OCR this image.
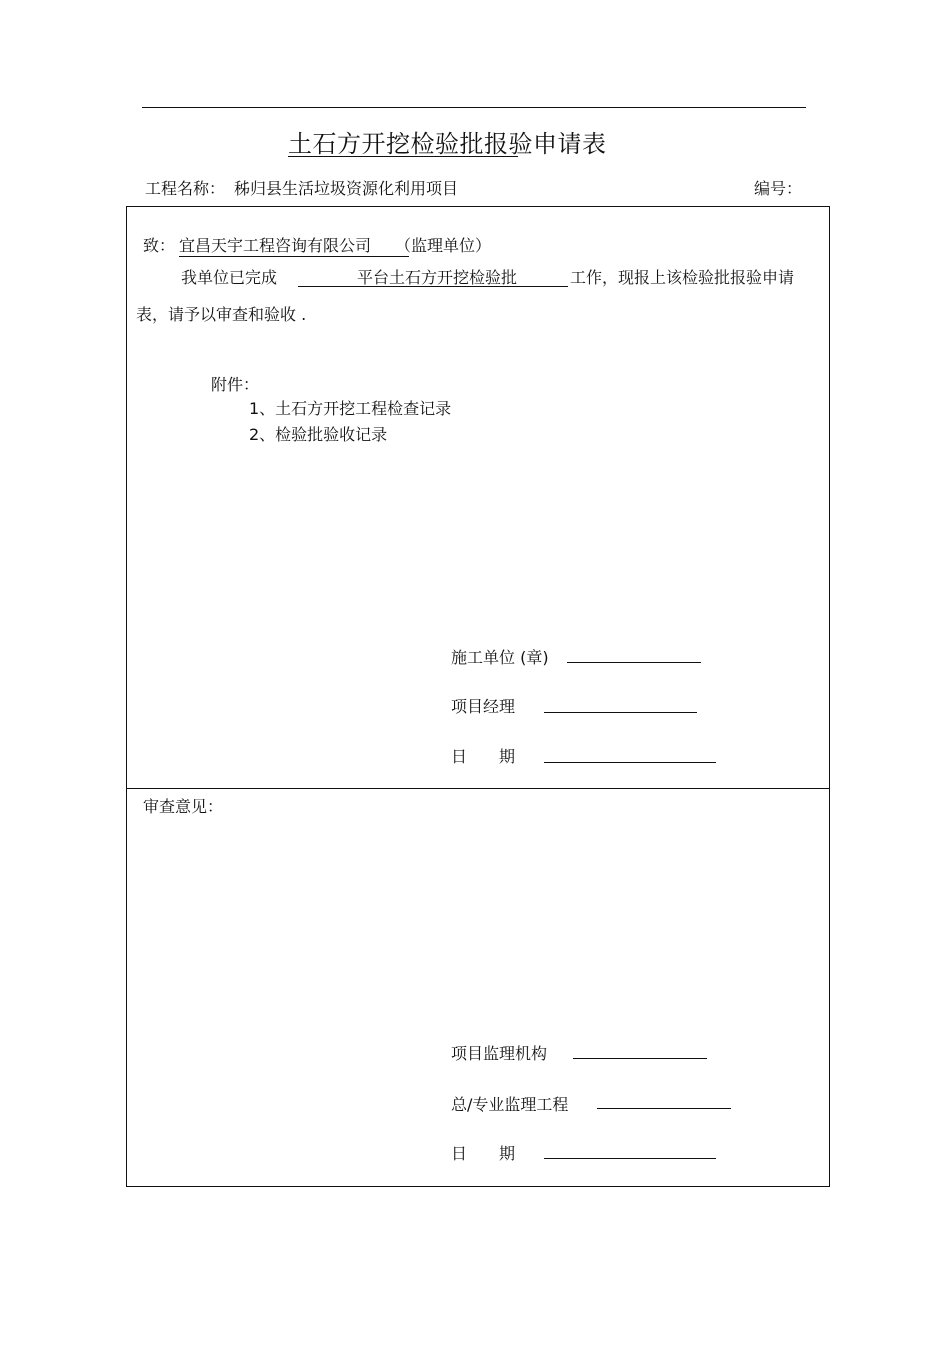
土石方开挖检验批报验申请表
工程名称： 秭归县生活垃圾资源化利用项目	编号：
致： 宜昌天宇工程咨询有限公司 （监理单位）
我单位已完成	平台土石方开挖检验批	工作，现报上该检验批报验申请
表，请予以审查和验收 .
附件：
1、土石方开挖工程检查记录
2、检验批验收记录
施工单位 (章)
项目经理
日　　期
审查意见：
项目监理机构
总/专业监理工程
日　　期
